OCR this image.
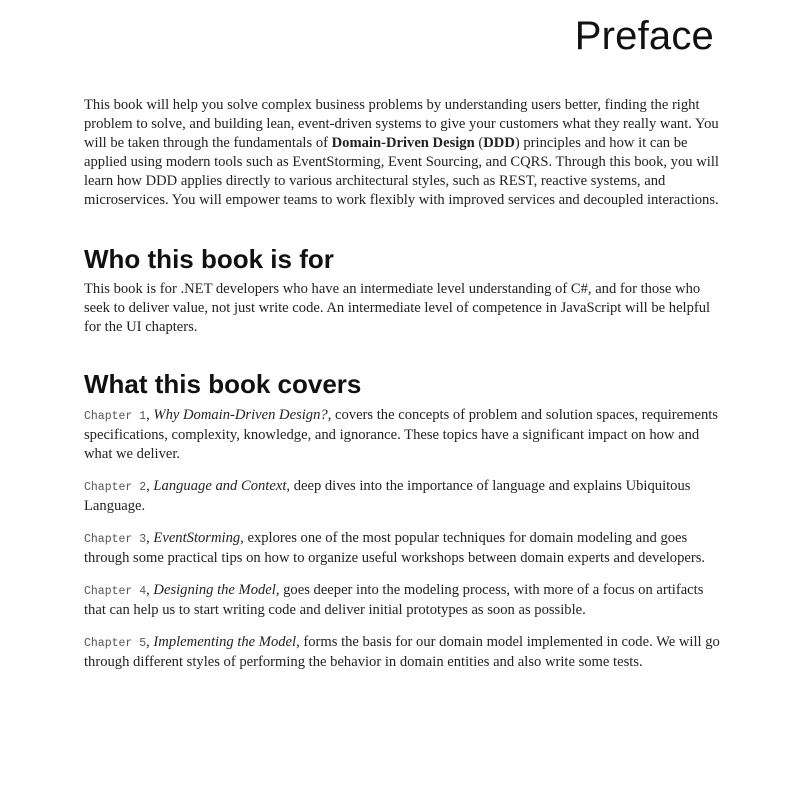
Preface

This book will help you solve complex business problems by understanding users better, finding the right problem to solve, and building lean, event-driven systems to give your customers what they really want. You will be taken through the fundamentals of Domain-Driven Design (DDD) principles and how it can be applied using modern tools such as EventStorming, Event Sourcing, and CQRS. Through this book, you will learn how DDD applies directly to various architectural styles, such as REST, reactive systems, and microservices. You will empower teams to work flexibly with improved services and decoupled interactions.

Who this book is for

This book is for .NET developers who have an intermediate level understanding of C#, and for those who seek to deliver value, not just write code. An intermediate level of competence in JavaScript will be helpful for the UI chapters.

What this book covers

Chapter 1, Why Domain-Driven Design?, covers the concepts of problem and solution spaces, requirements specifications, complexity, knowledge, and ignorance. These topics have a significant impact on how and what we deliver.

Chapter 2, Language and Context, deep dives into the importance of language and explains Ubiquitous Language.

Chapter 3, EventStorming, explores one of the most popular techniques for domain modeling and goes through some practical tips on how to organize useful workshops between domain experts and developers.

Chapter 4, Designing the Model, goes deeper into the modeling process, with more of a focus on artifacts that can help us to start writing code and deliver initial prototypes as soon as possible.

Chapter 5, Implementing the Model, forms the basis for our domain model implemented in code. We will go through different styles of performing the behavior in domain entities and also write some tests.
